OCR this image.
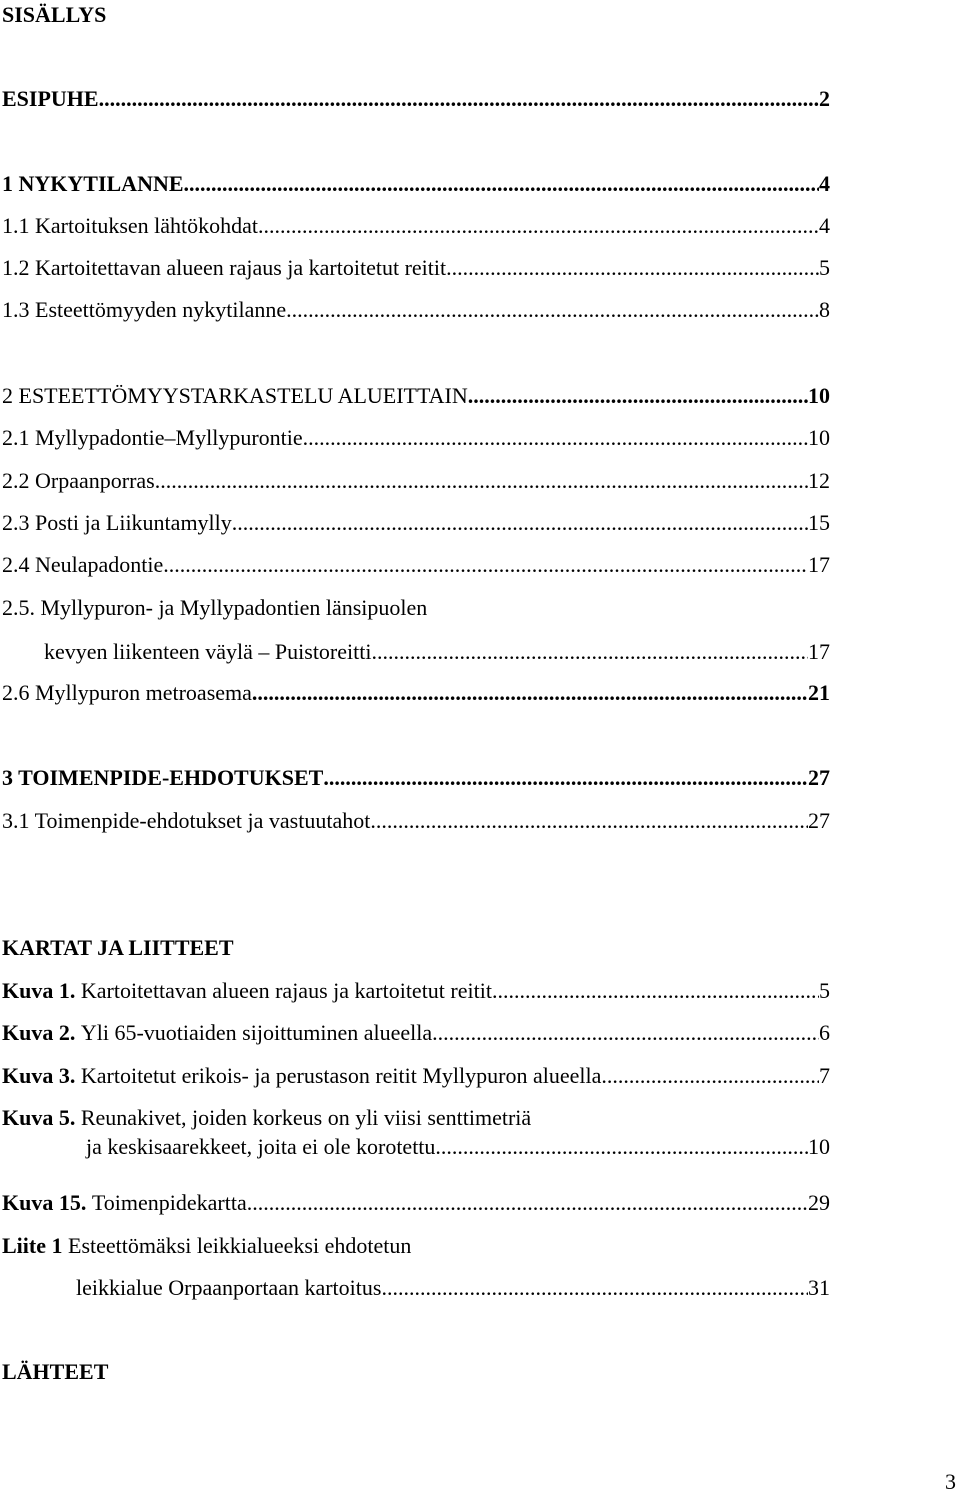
SISÄLLYS
ESIPUHE .....	2
1 NYKYTILANNE .....	4
1.1 Kartoituksen lähtökohdat .....	4
1.2 Kartoitettavan alueen rajaus ja kartoitetut reitit .....	5
1.3 Esteettömyyden nykytilanne .....	8
2 ESTEETTÖMYYSTARKASTELU ALUEITTAIN .....	10
2.1 Myllypadontie–Myllypurontie .....	10
2.2 Orpaanporras .....	12
2.3 Posti ja Liikuntamylly .....	15
2.4 Neulapadontie .....	17
2.5. Myllypuron- ja Myllypadontien länsipuolen
kevyen liikenteen väylä – Puistoreitti .....	17
2.6 Myllypuron metroasema .....	21
3 TOIMENPIDE-EHDOTUKSET .....	27
3.1 Toimenpide-ehdotukset ja vastuutahot .....	27
KARTAT JA LIITTEET
Kuva 1.
Kartoitettavan alueen rajaus ja kartoitetut reitit .....	5
Kuva 2.
Yli 65-vuotiaiden sijoittuminen alueella .....	6
Kuva 3.
Kartoitetut erikois- ja perustason reitit Myllypuron alueella .....	7
Kuva 5.
Reunakivet, joiden korkeus on yli viisi senttimetriä
ja keskisaarekkeet, joita ei ole korotettu .....	10
Kuva 15.
Toimenpidekartta .....	29
Liite 1
Esteettömäksi leikkialueeksi ehdotetun
leikkialue Orpaanportaan kartoitus .....	31
LÄHTEET
3
